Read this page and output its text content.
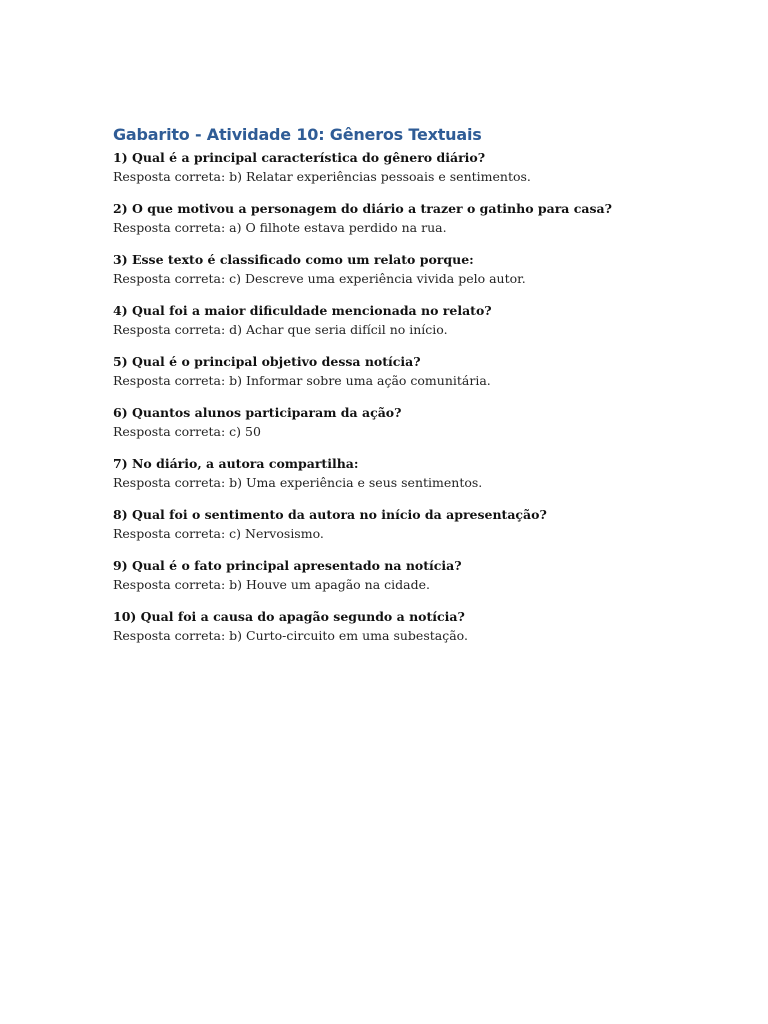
Gabarito - Atividade 10: Gêneros Textuais

1) Qual é a principal característica do gênero diário?

Resposta correta: b) Relatar experiências pessoais e sentimentos.

2) O que motivou a personagem do diário a trazer o gatinho para casa?

Resposta correta: a) O filhote estava perdido na rua.

3) Esse texto é classificado como um relato porque:

Resposta correta: c) Descreve uma experiência vivida pelo autor.

4) Qual foi a maior dificuldade mencionada no relato?

Resposta correta: d) Achar que seria difícil no início.

5) Qual é o principal objetivo dessa notícia?

Resposta correta: b) Informar sobre uma ação comunitária.

6) Quantos alunos participaram da ação?

Resposta correta: c) 50

7) No diário, a autora compartilha:

Resposta correta: b) Uma experiência e seus sentimentos.

8) Qual foi o sentimento da autora no início da apresentação?

Resposta correta: c) Nervosismo.

9) Qual é o fato principal apresentado na notícia?

Resposta correta: b) Houve um apagão na cidade.

10) Qual foi a causa do apagão segundo a notícia?

Resposta correta: b) Curto-circuito em uma subestação.
